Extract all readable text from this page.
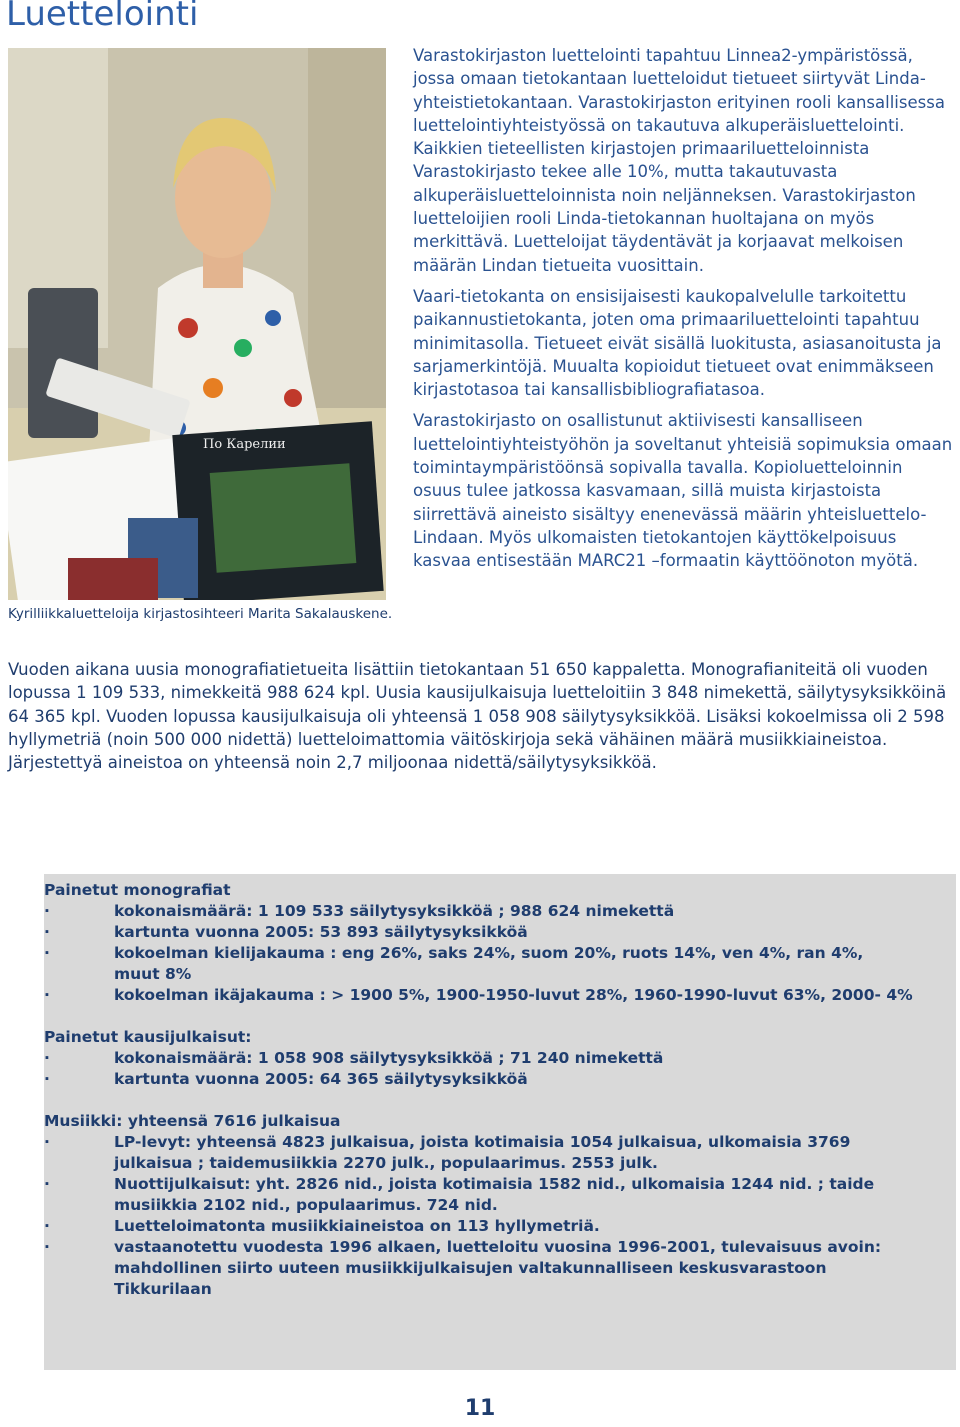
Luettelointi
По Карелии
Kyrilliikkaluetteloija kirjastosihteeri Marita Sakalauskene.

Varastokirjaston luettelointi tapahtuu Linnea2-ympäristössä, jossa omaan tietokantaan luetteloidut tietueet siirtyvät Linda-yhteistietokantaan. Varastokirjaston erityinen rooli kansallisessa luettelointiyhteistyössä on takautuva alkuperäisluettelointi. Kaikkien tieteellisten kirjastojen primaariluetteloinnista Varastokirjasto tekee alle 10%, mutta takautuvasta alkuperäisluetteloinnista noin neljänneksen. Varastokirjaston luetteloijien rooli Linda-tietokannan huoltajana on myös merkittävä. Luetteloijat täydentävät ja korjaavat melkoisen määrän Lindan tietueita vuosittain.

Vaari-tietokanta on ensisijaisesti kaukopalvelulle tarkoitettu paikannustietokanta, joten oma primaariluettelointi tapahtuu minimitasolla. Tietueet eivät sisällä luokitusta, asiasanoitusta ja sarjamerkintöjä. Muualta kopioidut tietueet ovat enimmäkseen kirjastotasoa tai kansallisbibliografiatasoa.

Varastokirjasto on osallistunut aktiivisesti kansalliseen luettelointiyhteistyöhön ja soveltanut yhteisiä sopimuksia omaan toimintaympäristöönsä sopivalla tavalla. Kopioluetteloinnin osuus tulee jatkossa kasvamaan, sillä muista kirjastoista siirrettävä aineisto sisältyy enenevässä määrin yhteisluettelo-Lindaan. Myös ulkomaisten tietokantojen käyttökelpoisuus kasvaa entisestään MARC21 –formaatin käyttöönoton myötä.

Vuoden aikana uusia monografiatietueita lisättiin tietokantaan 51 650 kappaletta. Monografianiteitä oli vuoden lopussa 1 109 533, nimekkeitä 988 624 kpl. Uusia kausijulkaisuja luetteloitiin 3 848 nimekettä, säilytysyksikköinä 64 365 kpl. Vuoden lopussa kausijulkaisuja oli yhteensä 1 058 908 säilytysyksikköä. Lisäksi kokoelmissa oli 2 598 hyllymetriä (noin 500 000 nidettä) luetteloimattomia väitöskirjoja sekä vähäinen määrä musiikkiaineistoa. Järjestettyä aineistoa on yhteensä noin 2,7 miljoonaa nidettä/säilytysyksikköä.

Painetut monografiat
·	kokonaismäärä: 1 109 533 säilytysyksikköä ; 988 624 nimekettä
·	kartunta vuonna 2005: 53 893 säilytysyksikköä
·	kokoelman kielijakauma : eng 26%, saks 24%, suom 20%, ruots 14%, ven 4%, ran 4%, muut 8%
·	kokoelman ikäjakauma : > 1900 5%, 1900-1950-luvut 28%, 1960-1990-luvut 63%, 2000- 4%
Painetut kausijulkaisut:
·	kokonaismäärä: 1 058 908 säilytysyksikköä ; 71 240 nimekettä
·	kartunta vuonna 2005: 64 365 säilytysyksikköä
Musiikki: yhteensä 7616 julkaisua
·	LP-levyt: yhteensä 4823 julkaisua, joista kotimaisia 1054 julkaisua, ulkomaisia 3769 julkaisua ; taidemusiikkia 2270 julk., populaarimus. 2553 julk.
·	Nuottijulkaisut: yht. 2826 nid., joista kotimaisia 1582 nid., ulkomaisia 1244 nid. ; taide musiikkia 2102 nid., populaarimus. 724 nid.
·	Luetteloimatonta musiikkiaineistoa on 113 hyllymetriä.
·	vastaanotettu vuodesta 1996 alkaen, luetteloitu vuosina 1996-2001, tulevaisuus avoin: mahdollinen siirto uuteen musiikkijulkaisujen valtakunnalliseen keskusvarastoon Tikkurilaan
11
